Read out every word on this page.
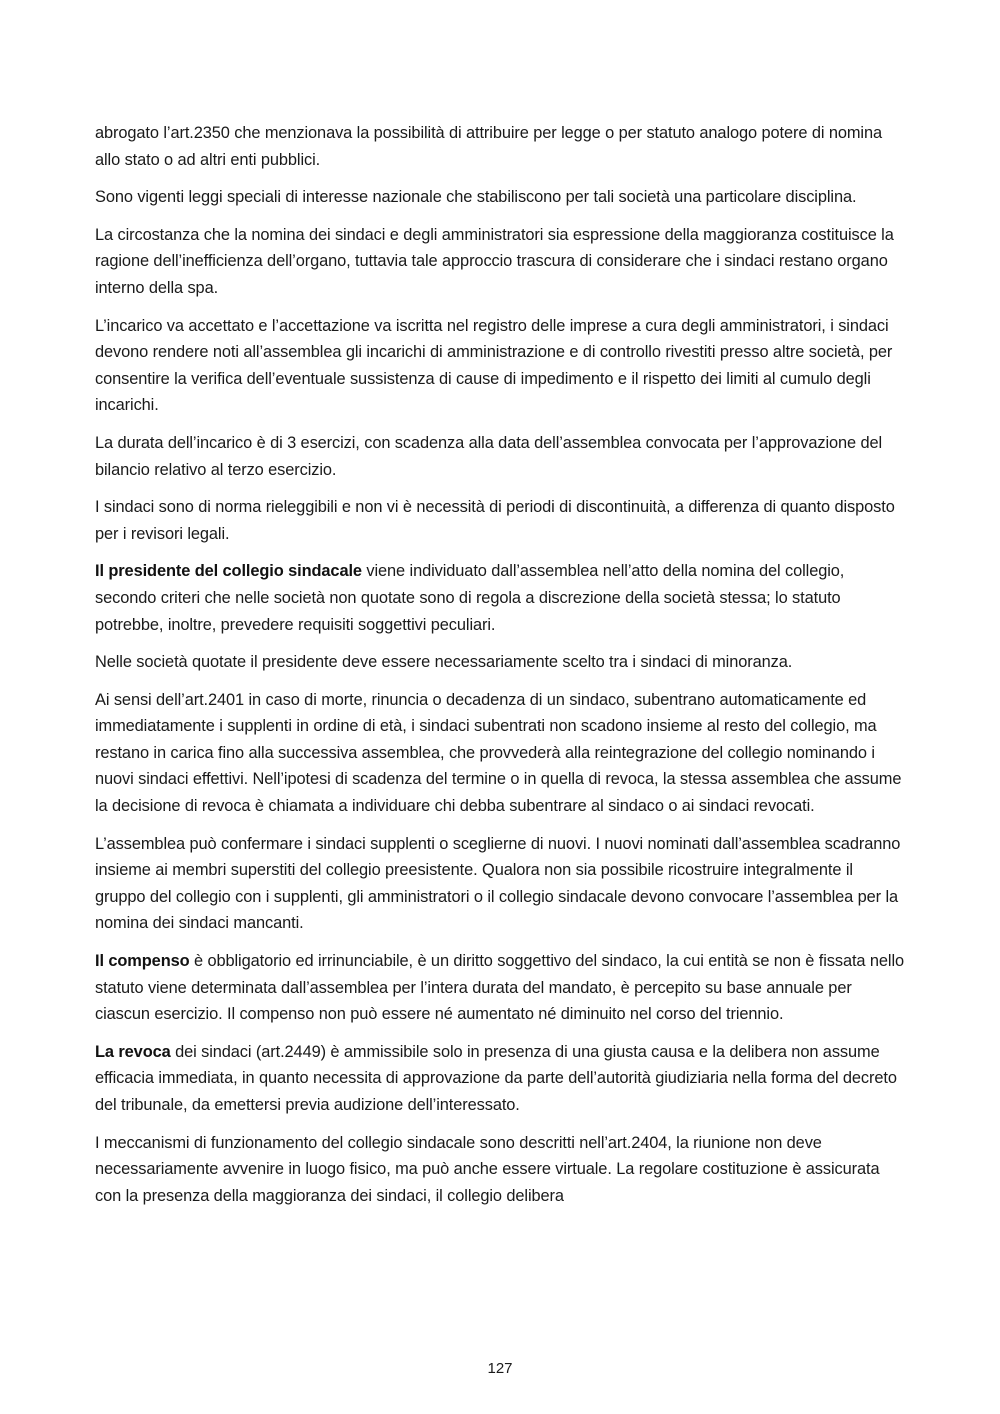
abrogato l’art.2350 che menzionava la possibilità di attribuire per legge o per statuto analogo potere di nomina allo stato o ad altri enti pubblici.

Sono vigenti leggi speciali di interesse nazionale che stabiliscono per tali società una particolare disciplina.

La circostanza che la nomina dei sindaci e degli amministratori sia espressione della maggioranza costituisce la ragione dell’inefficienza dell’organo, tuttavia tale approccio trascura di considerare che i sindaci restano organo interno della spa.

L’incarico va accettato e l’accettazione va iscritta nel registro delle imprese a cura degli amministratori, i sindaci devono rendere noti all’assemblea gli incarichi di amministrazione e di controllo rivestiti presso altre società, per consentire la verifica dell’eventuale sussistenza di cause di impedimento e il rispetto dei limiti al cumulo degli incarichi.

La durata dell’incarico è di 3 esercizi, con scadenza alla data dell’assemblea convocata per l’approvazione del bilancio relativo al terzo esercizio.

I sindaci sono di norma rieleggibili e non vi è necessità di periodi di discontinuità, a differenza di quanto disposto per i revisori legali.

Il presidente del collegio sindacale viene individuato dall’assemblea nell’atto della nomina del collegio, secondo criteri che nelle società non quotate sono di regola a discrezione della società stessa; lo statuto potrebbe, inoltre, prevedere requisiti soggettivi peculiari.

Nelle società quotate il presidente deve essere necessariamente scelto tra i sindaci di minoranza.

Ai sensi dell’art.2401 in caso di morte, rinuncia o decadenza di un sindaco, subentrano automaticamente ed immediatamente i supplenti in ordine di età, i sindaci subentrati non scadono insieme al resto del collegio, ma restano in carica fino alla successiva assemblea, che provvederà alla reintegrazione del collegio nominando i nuovi sindaci effettivi. Nell’ipotesi di scadenza del termine o in quella di revoca, la stessa assemblea che assume la decisione di revoca è chiamata a individuare chi debba subentrare al sindaco o ai sindaci revocati.

L’assemblea può confermare i sindaci supplenti o sceglierne di nuovi. I nuovi nominati dall’assemblea scadranno insieme ai membri superstiti del collegio preesistente. Qualora non sia possibile ricostruire integralmente il gruppo del collegio con i supplenti, gli amministratori o il collegio sindacale devono convocare l’assemblea per la nomina dei sindaci mancanti.

Il compenso è obbligatorio ed irrinunciabile, è un diritto soggettivo del sindaco, la cui entità se non è fissata nello statuto viene determinata dall’assemblea per l’intera durata del mandato, è percepito su base annuale per ciascun esercizio. Il compenso non può essere né aumentato né diminuito nel corso del triennio.

La revoca dei sindaci (art.2449) è ammissibile solo in presenza di una giusta causa e la delibera non assume efficacia immediata, in quanto necessita di approvazione da parte dell’autorità giudiziaria nella forma del decreto del tribunale, da emettersi previa audizione dell’interessato.

I meccanismi di funzionamento del collegio sindacale sono descritti nell’art.2404, la riunione non deve necessariamente avvenire in luogo fisico, ma può anche essere virtuale. La regolare costituzione è assicurata con la presenza della maggioranza dei sindaci, il collegio delibera

127
